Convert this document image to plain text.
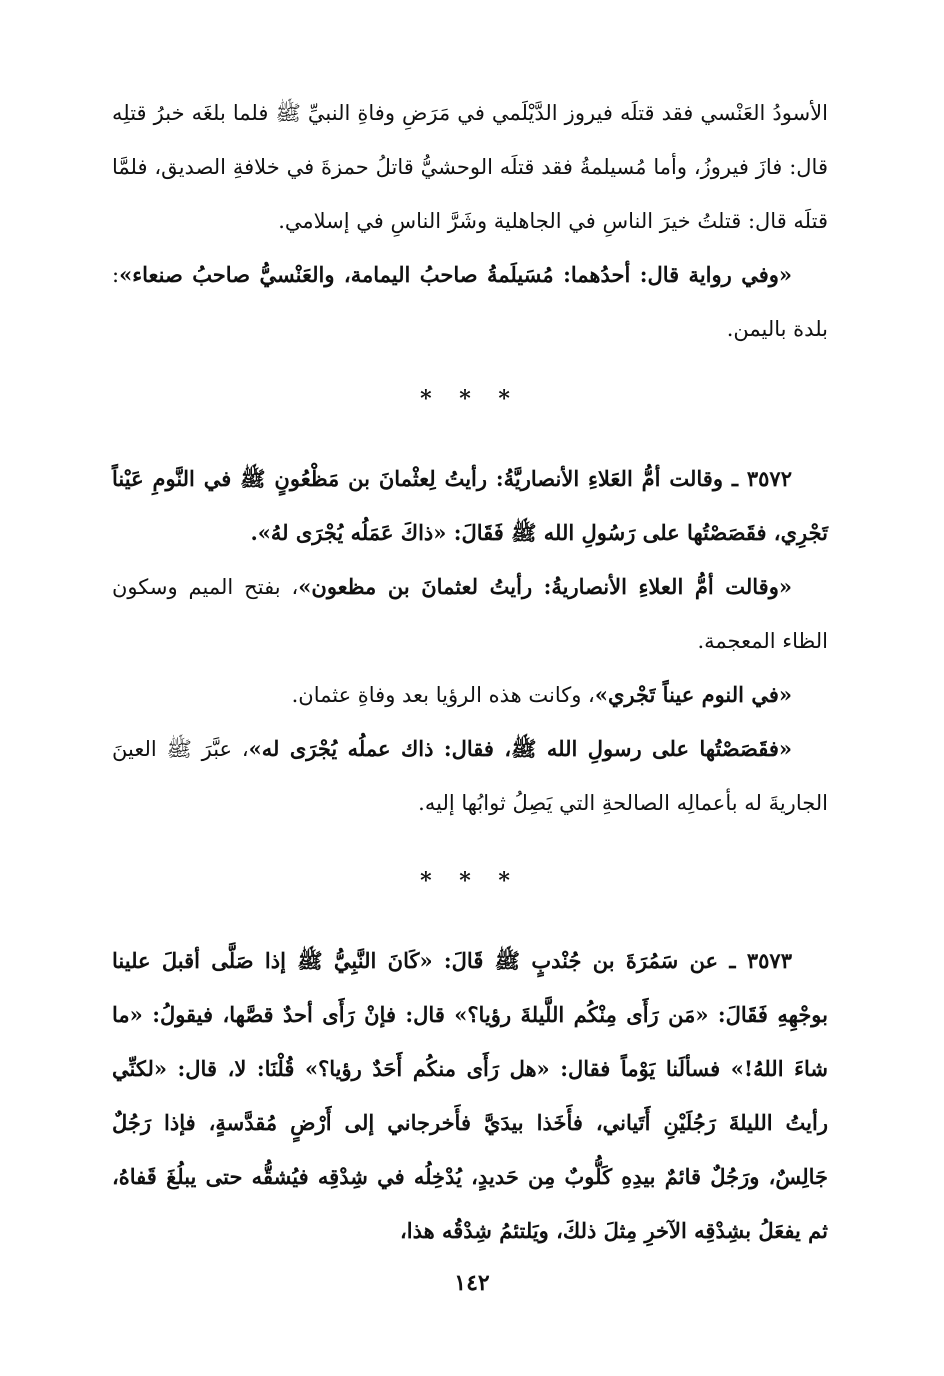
الأسودُ العَنْسي فقد قتلَه فيروز الدَّيْلَمي في مَرَضِ وفاةِ النبيِّ ﷺ فلما بلغَه خبرُ قتلِه قال: فازَ فيروزُ، وأما مُسيلمةُ فقد قتلَه الوحشيُّ قاتلُ حمزةَ في خلافةِ الصديق، فلمَّا قتلَه قال: قتلتُ خيرَ الناسِ في الجاهلية وشَرَّ الناسِ في إسلامي.

«وفي رواية قال: أحدُهما: مُسَيلَمةُ صاحبُ اليمامة، والعَنْسيُّ صاحبُ صنعاء»: بلدة باليمن.

* * *

٣٥٧٢ ـ وقالت أمُّ العَلاءِ الأنصاريَّةُ: رأيتُ لِعثْمانَ بن مَظْعُونٍ ﷺ في النَّومِ عَيْناً تَجْرِي، فقَصَصْتُها على رَسُولِ الله ﷺ فَقَالَ: «ذاكَ عَمَلُه يُجْرَى لهُ».

«وقالت أمُّ العلاءِ الأنصاريةُ: رأيتُ لعثمانَ بن مظعون»، بفتح الميم وسكون الظاء المعجمة.

«في النوم عيناً تَجْري»، وكانت هذه الرؤيا بعد وفاةِ عثمان.

«فقَصَصْتُها على رسولِ الله ﷺ، فقال: ذاك عملُه يُجْرَى له»، عبَّرَ ﷺ العينَ الجاريةَ له بأعمالِه الصالحةِ التي يَصِلُ ثوابُها إليه.

* * *

٣٥٧٣ ـ عن سَمُرَةَ بن جُنْدبٍ ﷺ قَالَ: «كَانَ النَّبِيُّ ﷺ إذا صَلَّى أقبلَ علينا بوجْهِهِ فَقَالَ: «مَن رَأَى مِنْكُم اللَّيلةَ رؤيا؟» قال: فإنْ رَأَى أحدٌ قصَّها، فيقولُ: «ما شاءَ اللهُ!» فسألَنا يَوْماً فقال: «هل رَأَى منكُم أَحَدٌ رؤيا؟» قُلْنَا: لا، قال: «لكنِّي رأيتُ الليلةَ رَجُلَيْنِ أَتَياني، فأَخَذا بيدَيَّ فأَخرجاني إلى أَرْضٍ مُقدَّسةٍ، فإذا رَجُلٌ جَالِسٌ، ورَجُلٌ قائمٌ بيدِهِ كَلُّوبٌ مِن حَديدٍ، يُدْخِلُه في شِدْقِه فيُشقُّه حتى يبلُغَ قَفاهُ، ثم يفعَلُ بشِدْقِه الآخرِ مِثلَ ذلكَ، ويَلتئمُ شِدْقُه هذا،

١٤٢
